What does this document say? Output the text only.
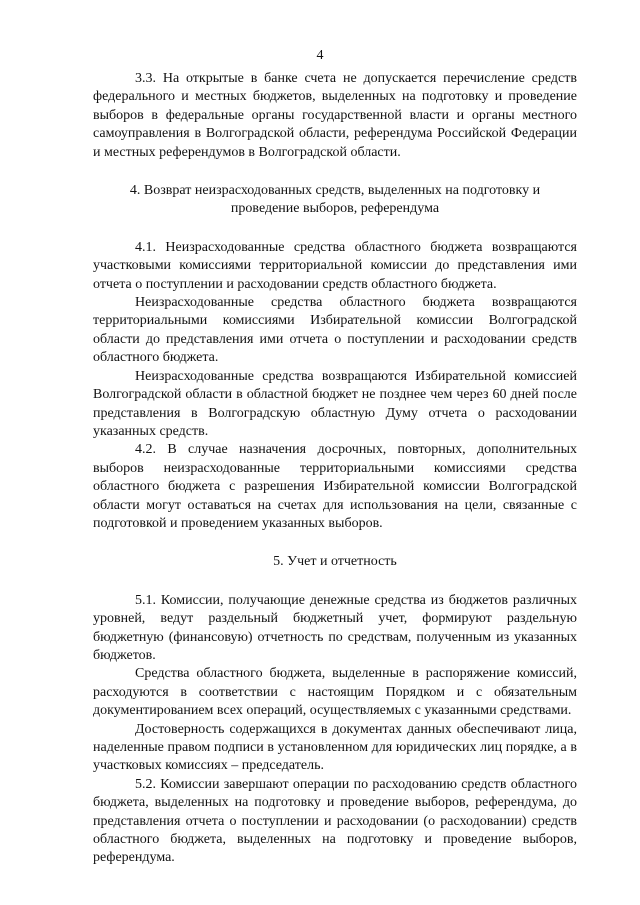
4

3.3. На открытые в банке счета не допускается перечисление средств федерального и местных бюджетов, выделенных на подготовку и проведение выборов в федеральные органы государственной власти и органы местного самоуправления в Волгоградской области, референдума Российской Федерации и местных референдумов в Волгоградской области.

4. Возврат неизрасходованных средств, выделенных на подготовку и
проведение выборов, референдума

4.1. Неизрасходованные средства областного бюджета возвращаются участковыми комиссиями территориальной комиссии до представления ими отчета о поступлении и расходовании средств областного бюджета.

Неизрасходованные средства областного бюджета возвращаются территориальными комиссиями Избирательной комиссии Волгоградской области до представления ими отчета о поступлении и расходовании средств областного бюджета.

Неизрасходованные средства возвращаются Избирательной комиссией Волгоградской области в областной бюджет не позднее чем через 60 дней после представления в Волгоградскую областную Думу отчета о расходовании указанных средств.

4.2. В случае назначения досрочных, повторных, дополнительных выборов неизрасходованные территориальными комиссиями средства областного бюджета с разрешения Избирательной комиссии Волгоградской области могут оставаться на счетах для использования на цели, связанные с подготовкой и проведением указанных выборов.

5. Учет и отчетность

5.1. Комиссии, получающие денежные средства из бюджетов различных уровней, ведут раздельный бюджетный учет, формируют раздельную бюджетную (финансовую) отчетность по средствам, полученным из указанных бюджетов.

Средства областного бюджета, выделенные в распоряжение комиссий, расходуются в соответствии с настоящим Порядком и с обязательным документированием всех операций, осуществляемых с указанными средствами.

Достоверность содержащихся в документах данных обеспечивают лица, наделенные правом подписи в установленном для юридических лиц порядке, а в участковых комиссиях – председатель.

5.2. Комиссии завершают операции по расходованию средств областного бюджета, выделенных на подготовку и проведение выборов, референдума, до представления отчета о поступлении и расходовании (о расходовании) средств областного бюджета, выделенных на подготовку и проведение выборов, референдума.
